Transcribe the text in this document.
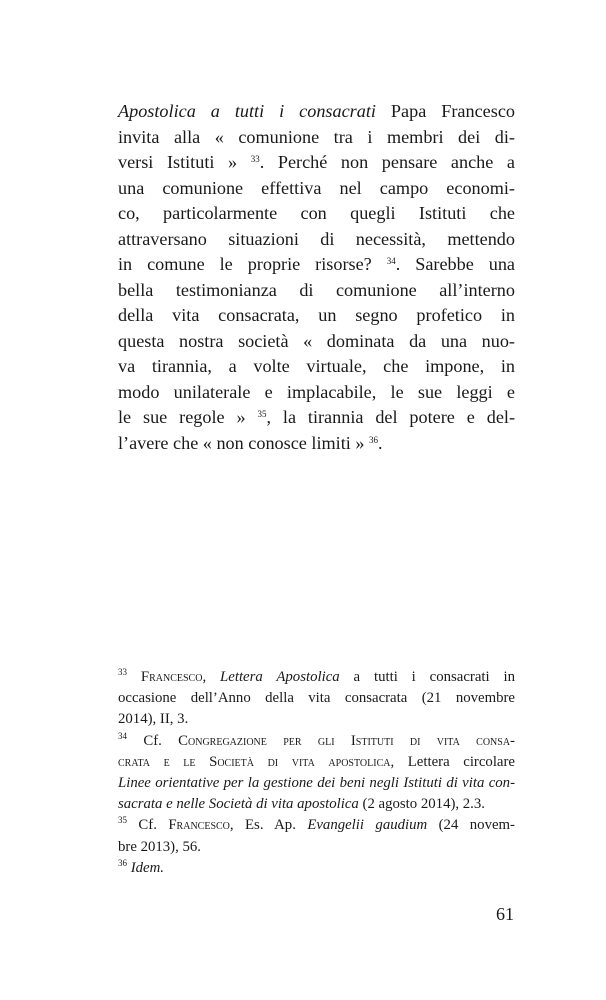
Apostolica a tutti i consacrati Papa Francesco
invita alla « comunione tra i membri dei di-
versi Istituti » $^{33}$. Perché non pensare anche a
una comunione effettiva nel campo economi-
co, particolarmente con quegli Istituti che
attraversano situazioni di necessità, mettendo
in comune le proprie risorse? $^{34}$. Sarebbe una
bella testimonianza di comunione all’interno
della vita consacrata, un segno profetico in
questa nostra società « dominata da una nuo-
va tirannia, a volte virtuale, che impone, in
modo unilaterale e implacabile, le sue leggi e
le sue regole » $^{35}$, la tirannia del potere e del-
l’avere che « non conosce limiti » $^{36}$.
$^{33}$ Francesco, Lettera Apostolica a tutti i consacrati in
occasione dell’Anno della vita consacrata (21 novembre
2014), II, 3.
$^{34}$ Cf. Congregazione per gli Istituti di vita consa-
crata e le Società di vita apostolica, Lettera circolare
Linee orientative per la gestione dei beni negli Istituti di vita con-
sacrata e nelle Società di vita apostolica (2 agosto 2014), 2.3.
$^{35}$ Cf. Francesco, Es. Ap. Evangelii gaudium (24 novem-
bre 2013), 56.
$^{36}$ Idem.
61
